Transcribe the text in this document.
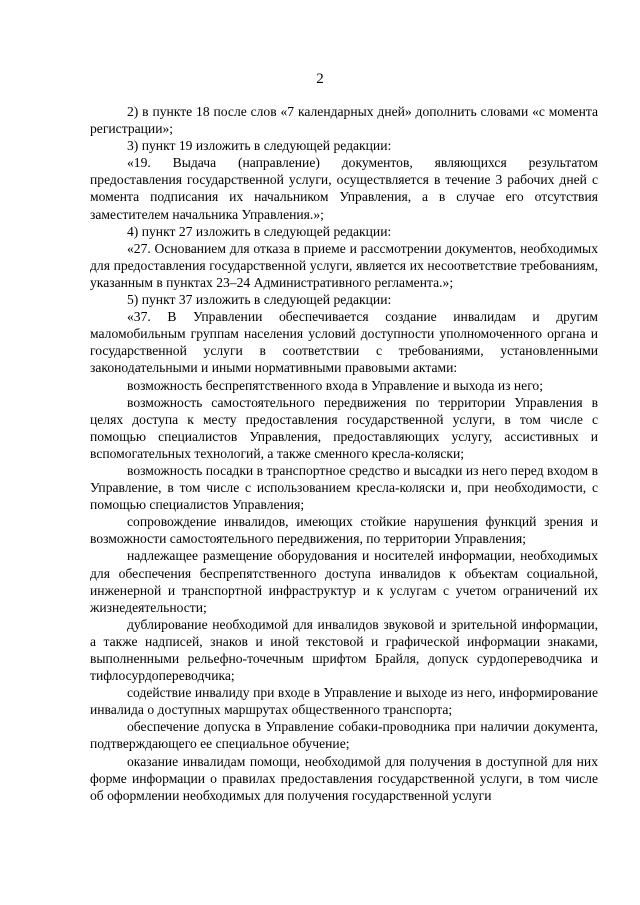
2

2) в пункте 18 после слов «7 календарных дней» дополнить словами «с момента регистрации»;

3) пункт 19 изложить в следующей редакции:

«19. Выдача (направление) документов, являющихся результатом предоставления государственной услуги, осуществляется в течение 3 рабочих дней с момента подписания их начальником Управления, а в случае его отсутствия заместителем начальника Управления.»;

4) пункт 27 изложить в следующей редакции:

«27. Основанием для отказа в приеме и рассмотрении документов, необходимых для предоставления государственной услуги, является их несоответствие требованиям, указанным в пунктах 23–24 Административного регламента.»;

5) пункт 37 изложить в следующей редакции:

«37. В Управлении обеспечивается создание инвалидам и другим маломобильным группам населения условий доступности уполномоченного органа и государственной услуги в соответствии с требованиями, установленными законодательными и иными нормативными правовыми актами:

возможность беспрепятственного входа в Управление и выхода из него;

возможность самостоятельного передвижения по территории Управления в целях доступа к месту предоставления государственной услуги, в том числе с помощью специалистов Управления, предоставляющих услугу, ассистивных и вспомогательных технологий, а также сменного кресла-коляски;

возможность посадки в транспортное средство и высадки из него перед входом в Управление, в том числе с использованием кресла-коляски и, при необходимости, с помощью специалистов Управления;

сопровождение инвалидов, имеющих стойкие нарушения функций зрения и возможности самостоятельного передвижения, по территории Управления;

надлежащее размещение оборудования и носителей информации, необходимых для обеспечения беспрепятственного доступа инвалидов к объектам социальной, инженерной и транспортной инфраструктур и к услугам с учетом ограничений их жизнедеятельности;

дублирование необходимой для инвалидов звуковой и зрительной информации, а также надписей, знаков и иной текстовой и графической информации знаками, выполненными рельефно-точечным шрифтом Брайля, допуск сурдопереводчика и тифлосурдопереводчика;

содействие инвалиду при входе в Управление и выходе из него, информирование инвалида о доступных маршрутах общественного транспорта;

обеспечение допуска в Управление собаки-проводника при наличии документа, подтверждающего ее специальное обучение;

оказание инвалидам помощи, необходимой для получения в доступной для них форме информации о правилах предоставления государственной услуги, в том числе об оформлении необходимых для получения государственной услуги
